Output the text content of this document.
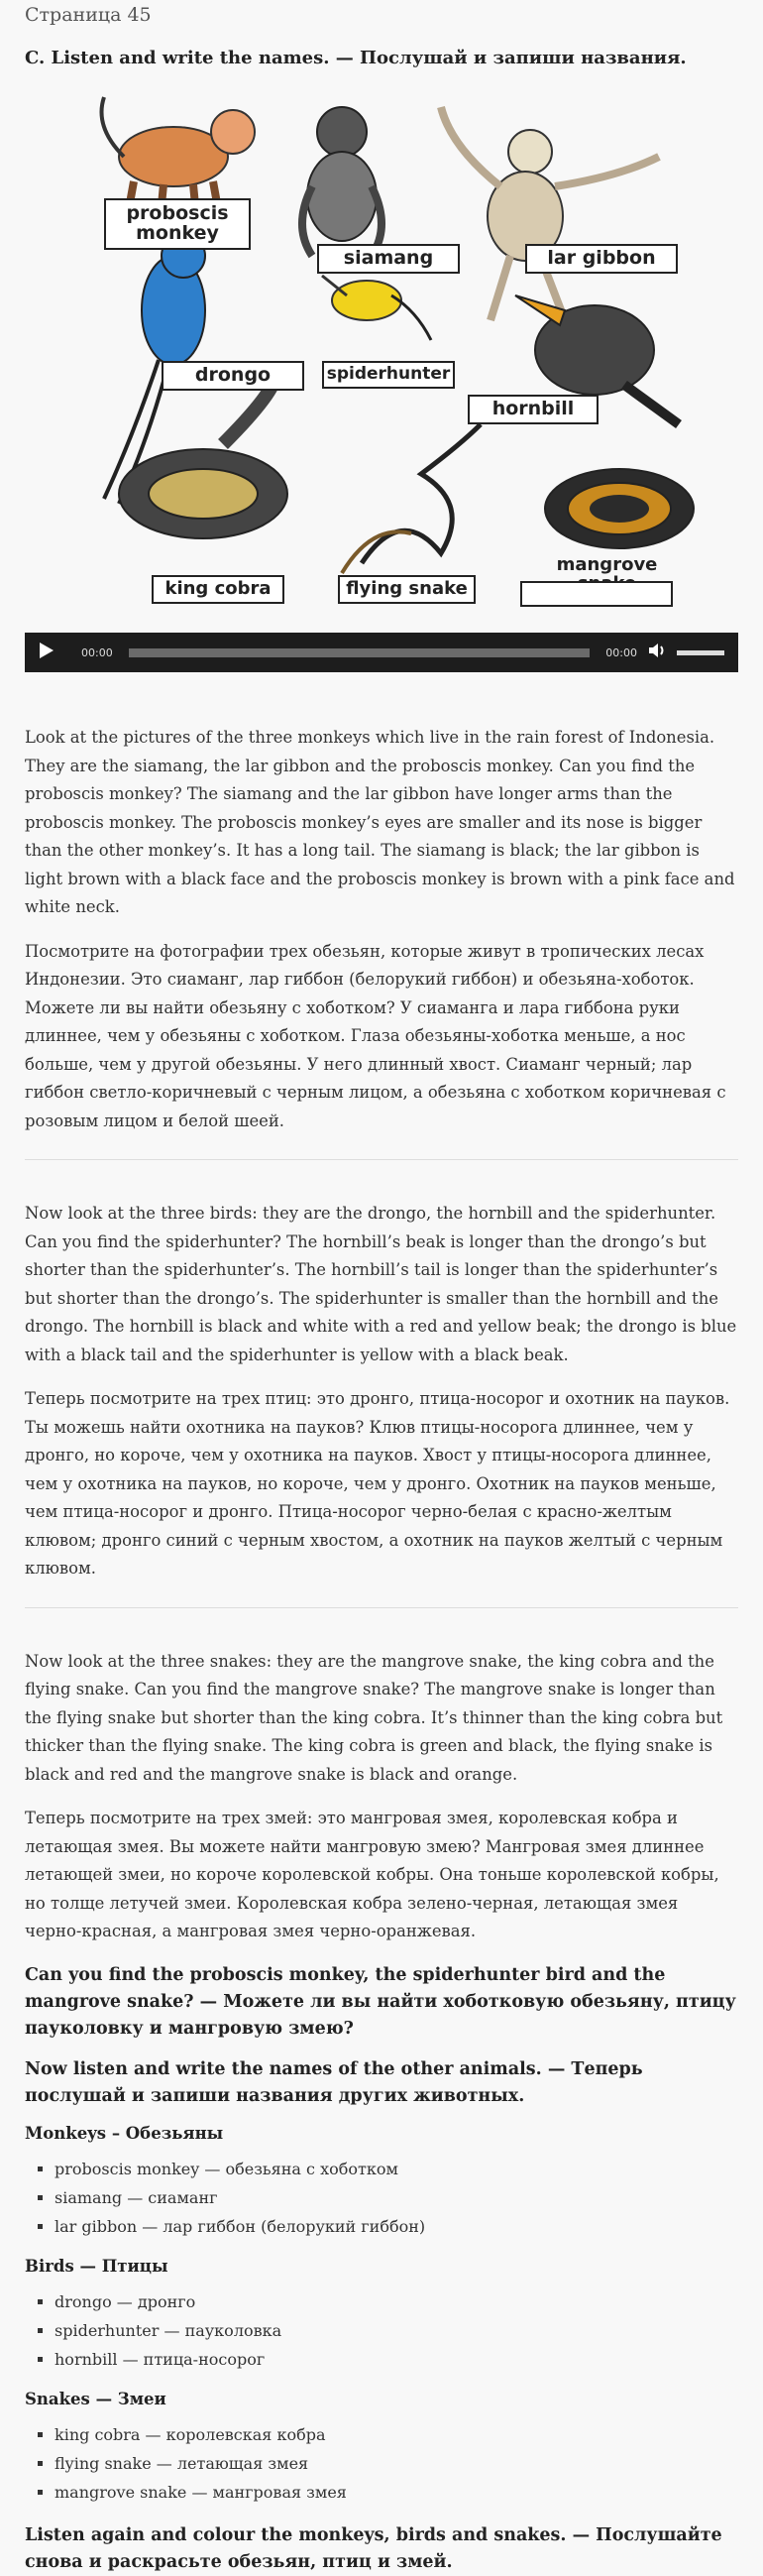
Страница 45
C. Listen and write the names. — Послушай и запиши названия.
proboscis monkey
siamang	lar gibbon
drongo	spiderhunter
hornbill
king cobra	flying snake
mangrove
00:00	00:00

Look at the pictures of the three monkeys which live in the rain forest of Indonesia. They are the siamang, the lar gibbon and the proboscis monkey. Can you find the proboscis monkey? The siamang and the lar gibbon have longer arms than the proboscis monkey. The proboscis monkey’s eyes are smaller and its nose is bigger than the other monkey’s. It has a long tail. The siamang is black; the lar gibbon is light brown with a black face and the proboscis monkey is brown with a pink face and white neck.

Посмотрите на фотографии трех обезьян, которые живут в тропических лесах Индонезии. Это сиаманг, лар гиббон (белорукий гиббон) и обезьяна-хоботок. Можете ли вы найти обезьяну с хоботком? У сиаманга и лара гиббона руки длиннее, чем у обезьяны с хоботком. Глаза обезьяны-хоботка меньше, а нос больше, чем у другой обезьяны. У него длинный хвост. Сиаманг черный; лар гиббон светло-коричневый с черным лицом, а обезьяна с хоботком коричневая с розовым лицом и белой шеей.

Now look at the three birds: they are the drongo, the hornbill and the spiderhunter. Can you find the spiderhunter? The hornbill’s beak is longer than the drongo’s but shorter than the spiderhunter’s. The hornbill’s tail is longer than the spiderhunter’s but shorter than the drongo’s. The spiderhunter is smaller than the hornbill and the drongo. The hornbill is black and white with a red and yellow beak; the drongo is blue with a black tail and the spiderhunter is yellow with a black beak.

Теперь посмотрите на трех птиц: это дронго, птица-носорог и охотник на пауков. Ты можешь найти охотника на пауков? Клюв птицы-носорога длиннее, чем у дронго, но короче, чем у охотника на пауков. Хвост у птицы-носорога длиннее, чем у охотника на пауков, но короче, чем у дронго. Охотник на пауков меньше, чем птица-носорог и дронго. Птица-носорог черно-белая с красно-желтым клювом; дронго синий с черным хвостом, а охотник на пауков желтый с черным клювом.

Now look at the three snakes: they are the mangrove snake, the king cobra and the flying snake. Can you find the mangrove snake? The mangrove snake is longer than the flying snake but shorter than the king cobra. It’s thinner than the king cobra but thicker than the flying snake. The king cobra is green and black, the flying snake is black and red and the mangrove snake is black and orange.

Теперь посмотрите на трех змей: это мангровая змея, королевская кобра и летающая змея. Вы можете найти мангровую змею? Мангровая змея длиннее летающей змеи, но короче королевской кобры. Она тоньше королевской кобры, но толще летучей змеи. Королевская кобра зелено-черная, летающая змея черно-красная, а мангровая змея черно-оранжевая.

Can you find the proboscis monkey, the spiderhunter bird and the mangrove snake? — Можете ли вы найти хоботковую обезьяну, птицу пауколовку и мангровую змею?
Now listen and write the names of the other animals. — Теперь послушай и запиши названия других животных.
Monkeys – Обезьяны
▪ proboscis monkey — обезьяна с хоботком
▪ siamang — сиаманг
▪ lar gibbon — лар гиббон (белорукий гиббон)
Birds — Птицы
▪ drongo — дронго
▪ spiderhunter — пауколовка
▪ hornbill — птица-носорог
Snakes — Змеи
▪ king cobra — королевская кобра
▪ flying snake — летающая змея
▪ mangrove snake — мангровая змея
Listen again and colour the monkeys, birds and snakes. — Послушайте снова и раскрасьте обезьян, птиц и змей.
